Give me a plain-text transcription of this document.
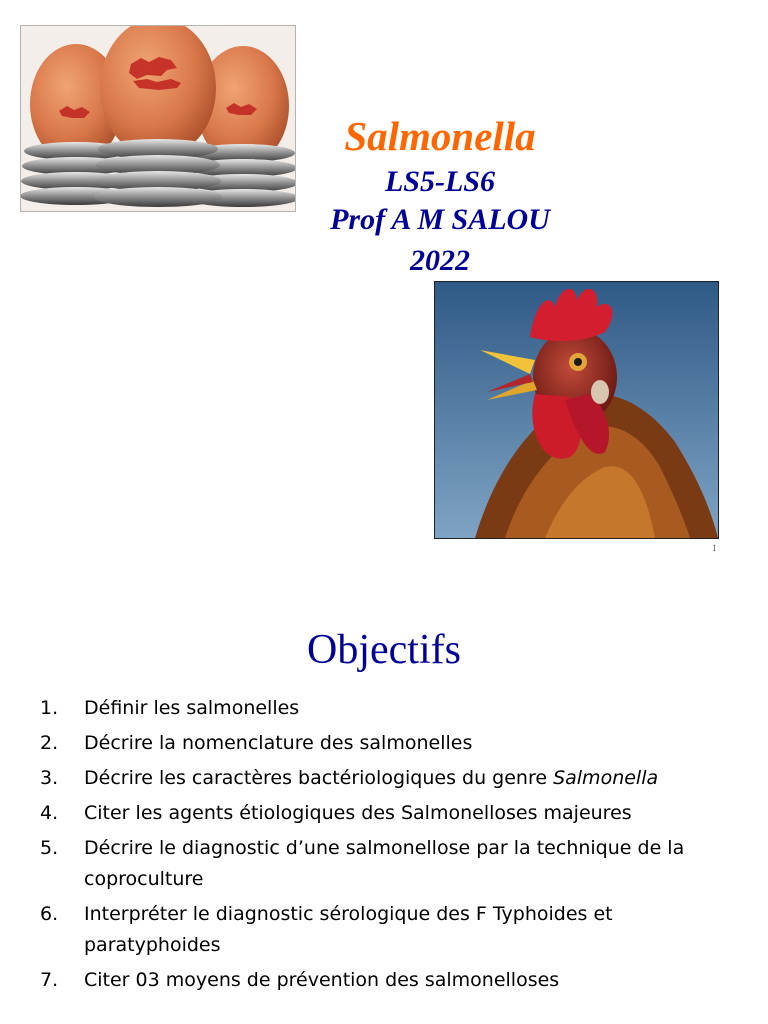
Salmonella

LS5-LS6

Prof A M SALOU

2022

1
Objectifs
1.	Définir les salmonelles
2.	Décrire la nomenclature des salmonelles
3.	Décrire les caractères bactériologiques du genre Salmonella
4.	Citer les agents étiologiques des Salmonelloses majeures
5.	Décrire le diagnostic d’une salmonellose par la technique de la coproculture
6.	Interpréter le diagnostic sérologique des F Typhoides et paratyphoides
7.	Citer 03 moyens de prévention des salmonelloses
